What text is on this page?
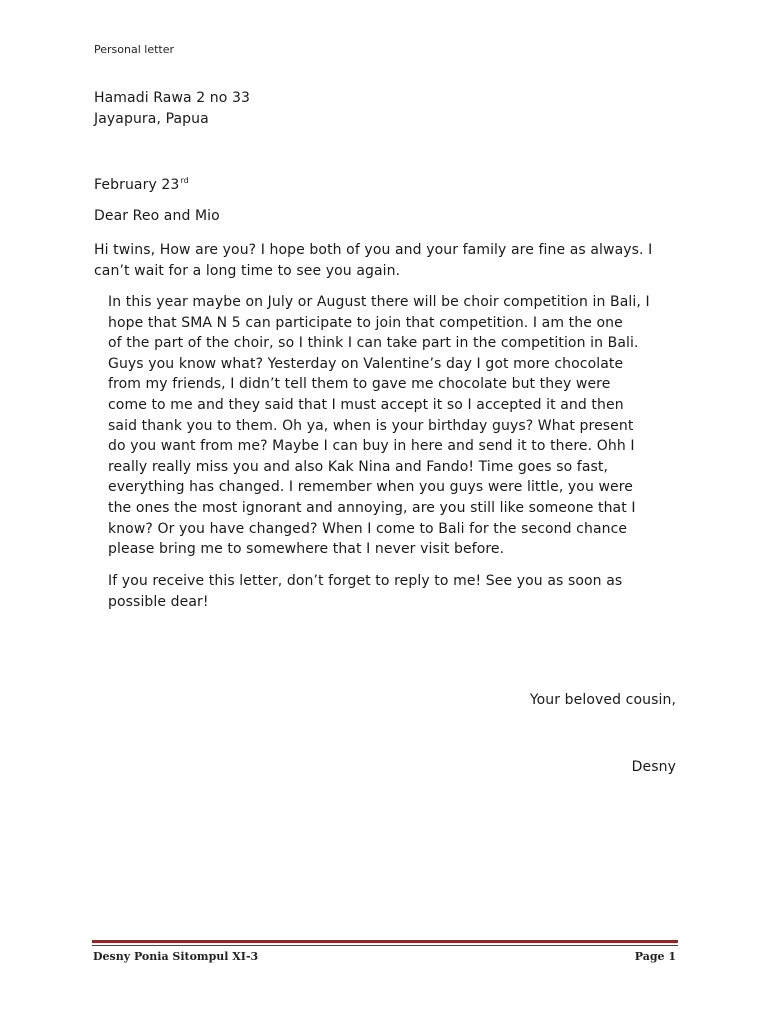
Personal letter
Hamadi Rawa 2 no 33
Jayapura, Papua
February 23rd
Dear Reo and Mio
Hi twins, How are you? I hope both of you and your family are fine as always. I
can’t wait for a long time to see you again.
In this year maybe on July or August there will be choir competition in Bali, I
hope that SMA N 5 can participate to join that competition. I am the one
of the part of the choir, so I think I can take part in the competition in Bali.
Guys you know what? Yesterday on Valentine’s day I got more chocolate
from my friends, I didn’t tell them to gave me chocolate but they were
come to me and they said that I must accept it so I accepted it and then
said thank you to them. Oh ya, when is your birthday guys? What present
do you want from me? Maybe I can buy in here and send it to there. Ohh I
really really miss you and also Kak Nina and Fando! Time goes so fast,
everything has changed. I remember when you guys were little, you were
the ones the most ignorant and annoying, are you still like someone that I
know? Or you have changed? When I come to Bali for the second chance
please bring me to somewhere that I never visit before.
If you receive this letter, don’t forget to reply to me! See you as soon as
possible dear!
Your beloved cousin,
Desny
Desny Ponia Sitompul XI-3	Page 1
